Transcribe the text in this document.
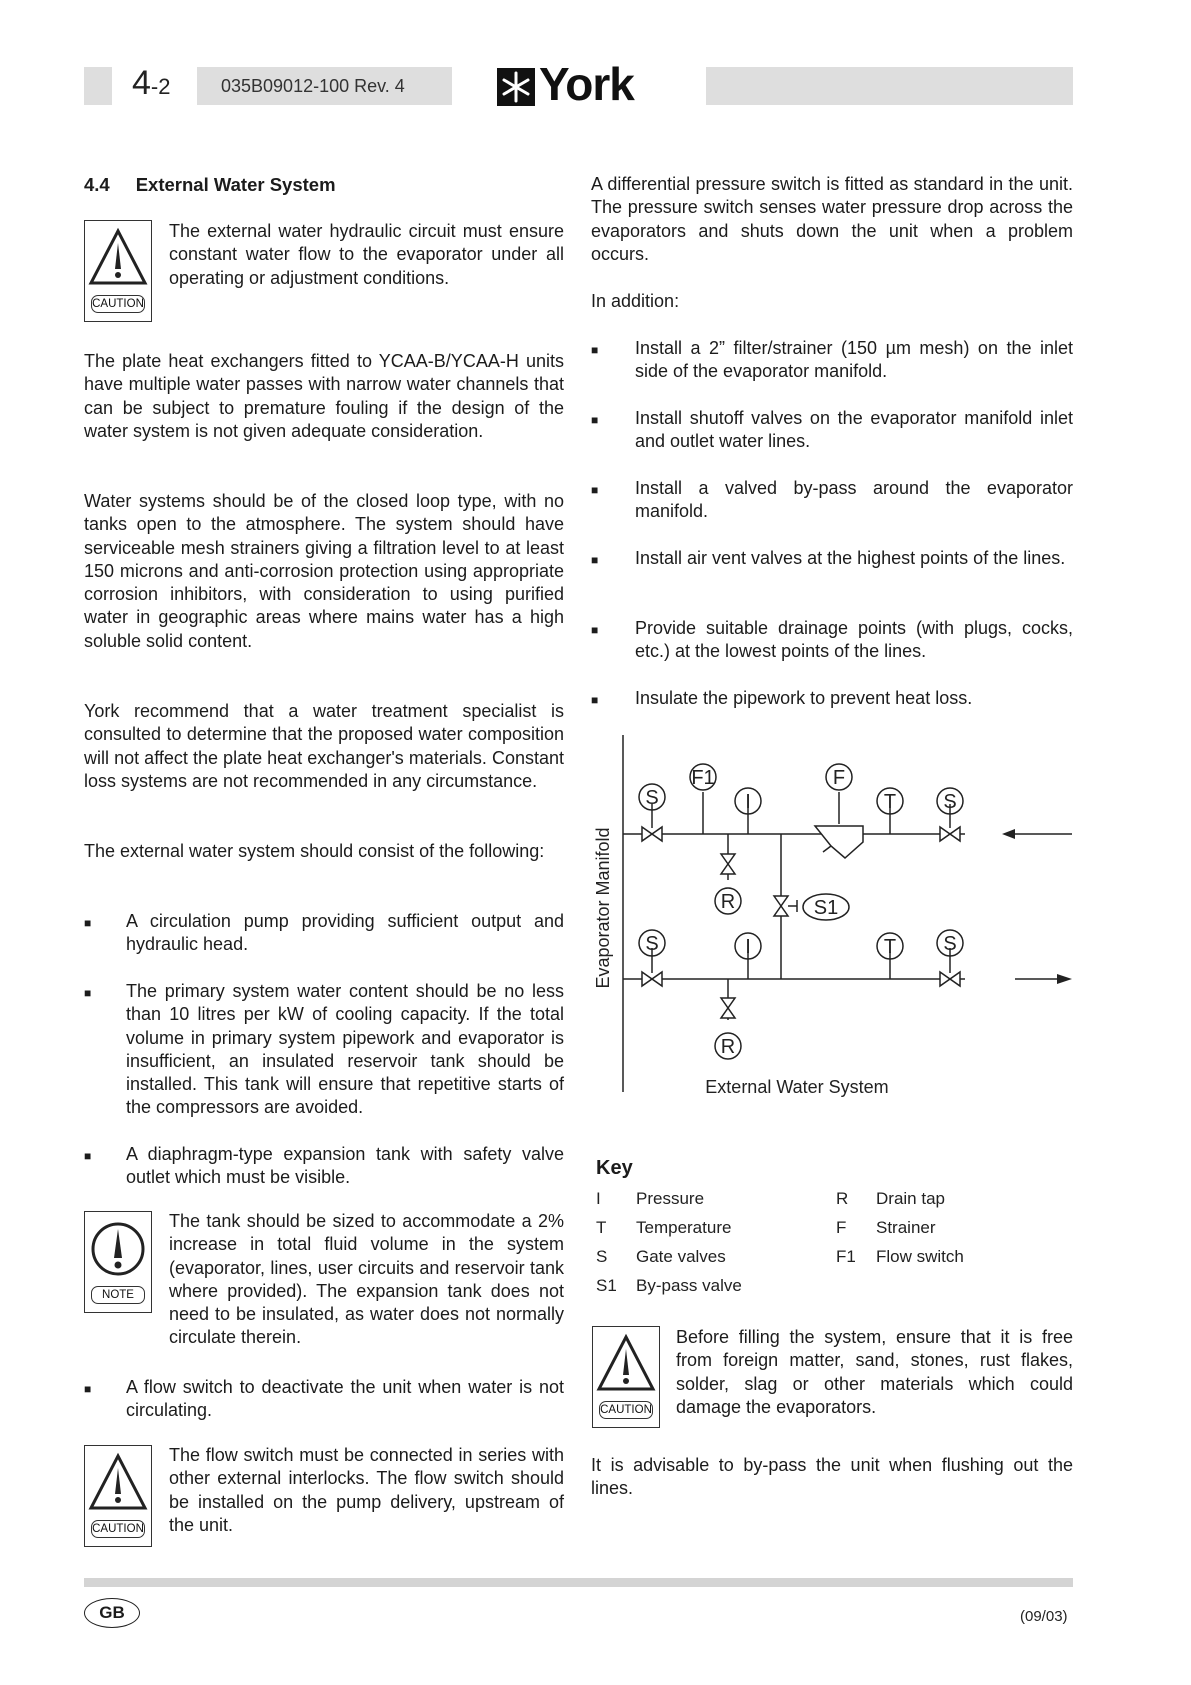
4-2	035B09012-100 Rev. 4	York
4.4 External Water System
CAUTION
The external water hydraulic circuit must ensure constant water flow to the evaporator under all operating or adjustment conditions.
The plate heat exchangers fitted to YCAA-B/YCAA-H units have multiple water passes with narrow water channels that can be subject to premature fouling if the design of the water system is not given adequate consideration.
Water systems should be of the closed loop type, with no tanks open to the atmosphere. The system should have serviceable mesh strainers giving a filtration level to at least 150 microns and anti-corrosion protection using appropriate corrosion inhibitors, with consideration to using purified water in geographic areas where mains water has a high soluble solid content.
York recommend that a water treatment specialist is consulted to determine that the proposed water composition will not affect the plate heat exchanger's materials. Constant loss systems are not recommended in any circumstance.
The external water system should consist of the following:
■ A circulation pump providing sufficient output and hydraulic head.
■ The primary system water content should be no less than 10 litres per kW of cooling capacity. If the total volume in primary system pipework and evaporator is insufficient, an insulated reservoir tank should be installed. This tank will ensure that repetitive starts of the compressors are avoided.
■ A diaphragm-type expansion tank with safety valve outlet which must be visible.
NOTE
The tank should be sized to accommodate a 2% increase in total fluid volume in the system (evaporator, lines, user circuits and reservoir tank where provided). The expansion tank does not need to be insulated, as water does not normally circulate therein.
■ A flow switch to deactivate the unit when water is not circulating.
CAUTION
The flow switch must be connected in series with other external interlocks. The flow switch should be installed on the pump delivery, upstream of the unit.
A differential pressure switch is fitted as standard in the unit. The pressure switch senses water pressure drop across the evaporators and shuts down the unit when a problem occurs.
In addition:
■ Install a 2” filter/strainer (150 µm mesh) on the inlet side of the evaporator manifold.
■ Install shutoff valves on the evaporator manifold inlet and outlet water lines.
■ Install a valved by-pass around the evaporator manifold.
■ Install air vent valves at the highest points of the lines.
■ Provide suitable drainage points (with plugs, cocks, etc.) at the lowest points of the lines.
■ Insulate the pipework to prevent heat loss.
S
F1
I
F
T S
R	S1
S	I	T S
R
Evaporator Manifold
External Water System
Key
I Pressure
T Temperature
S Gate valves
S1 By-pass valve
R Drain tap
F Strainer
F1 Flow switch
CAUTION
Before filling the system, ensure that it is free from foreign matter, sand, stones, rust flakes, solder, slag or other materials which could damage the evaporators.
It is advisable to by-pass the unit when flushing out the lines.
GB	(09/03)
